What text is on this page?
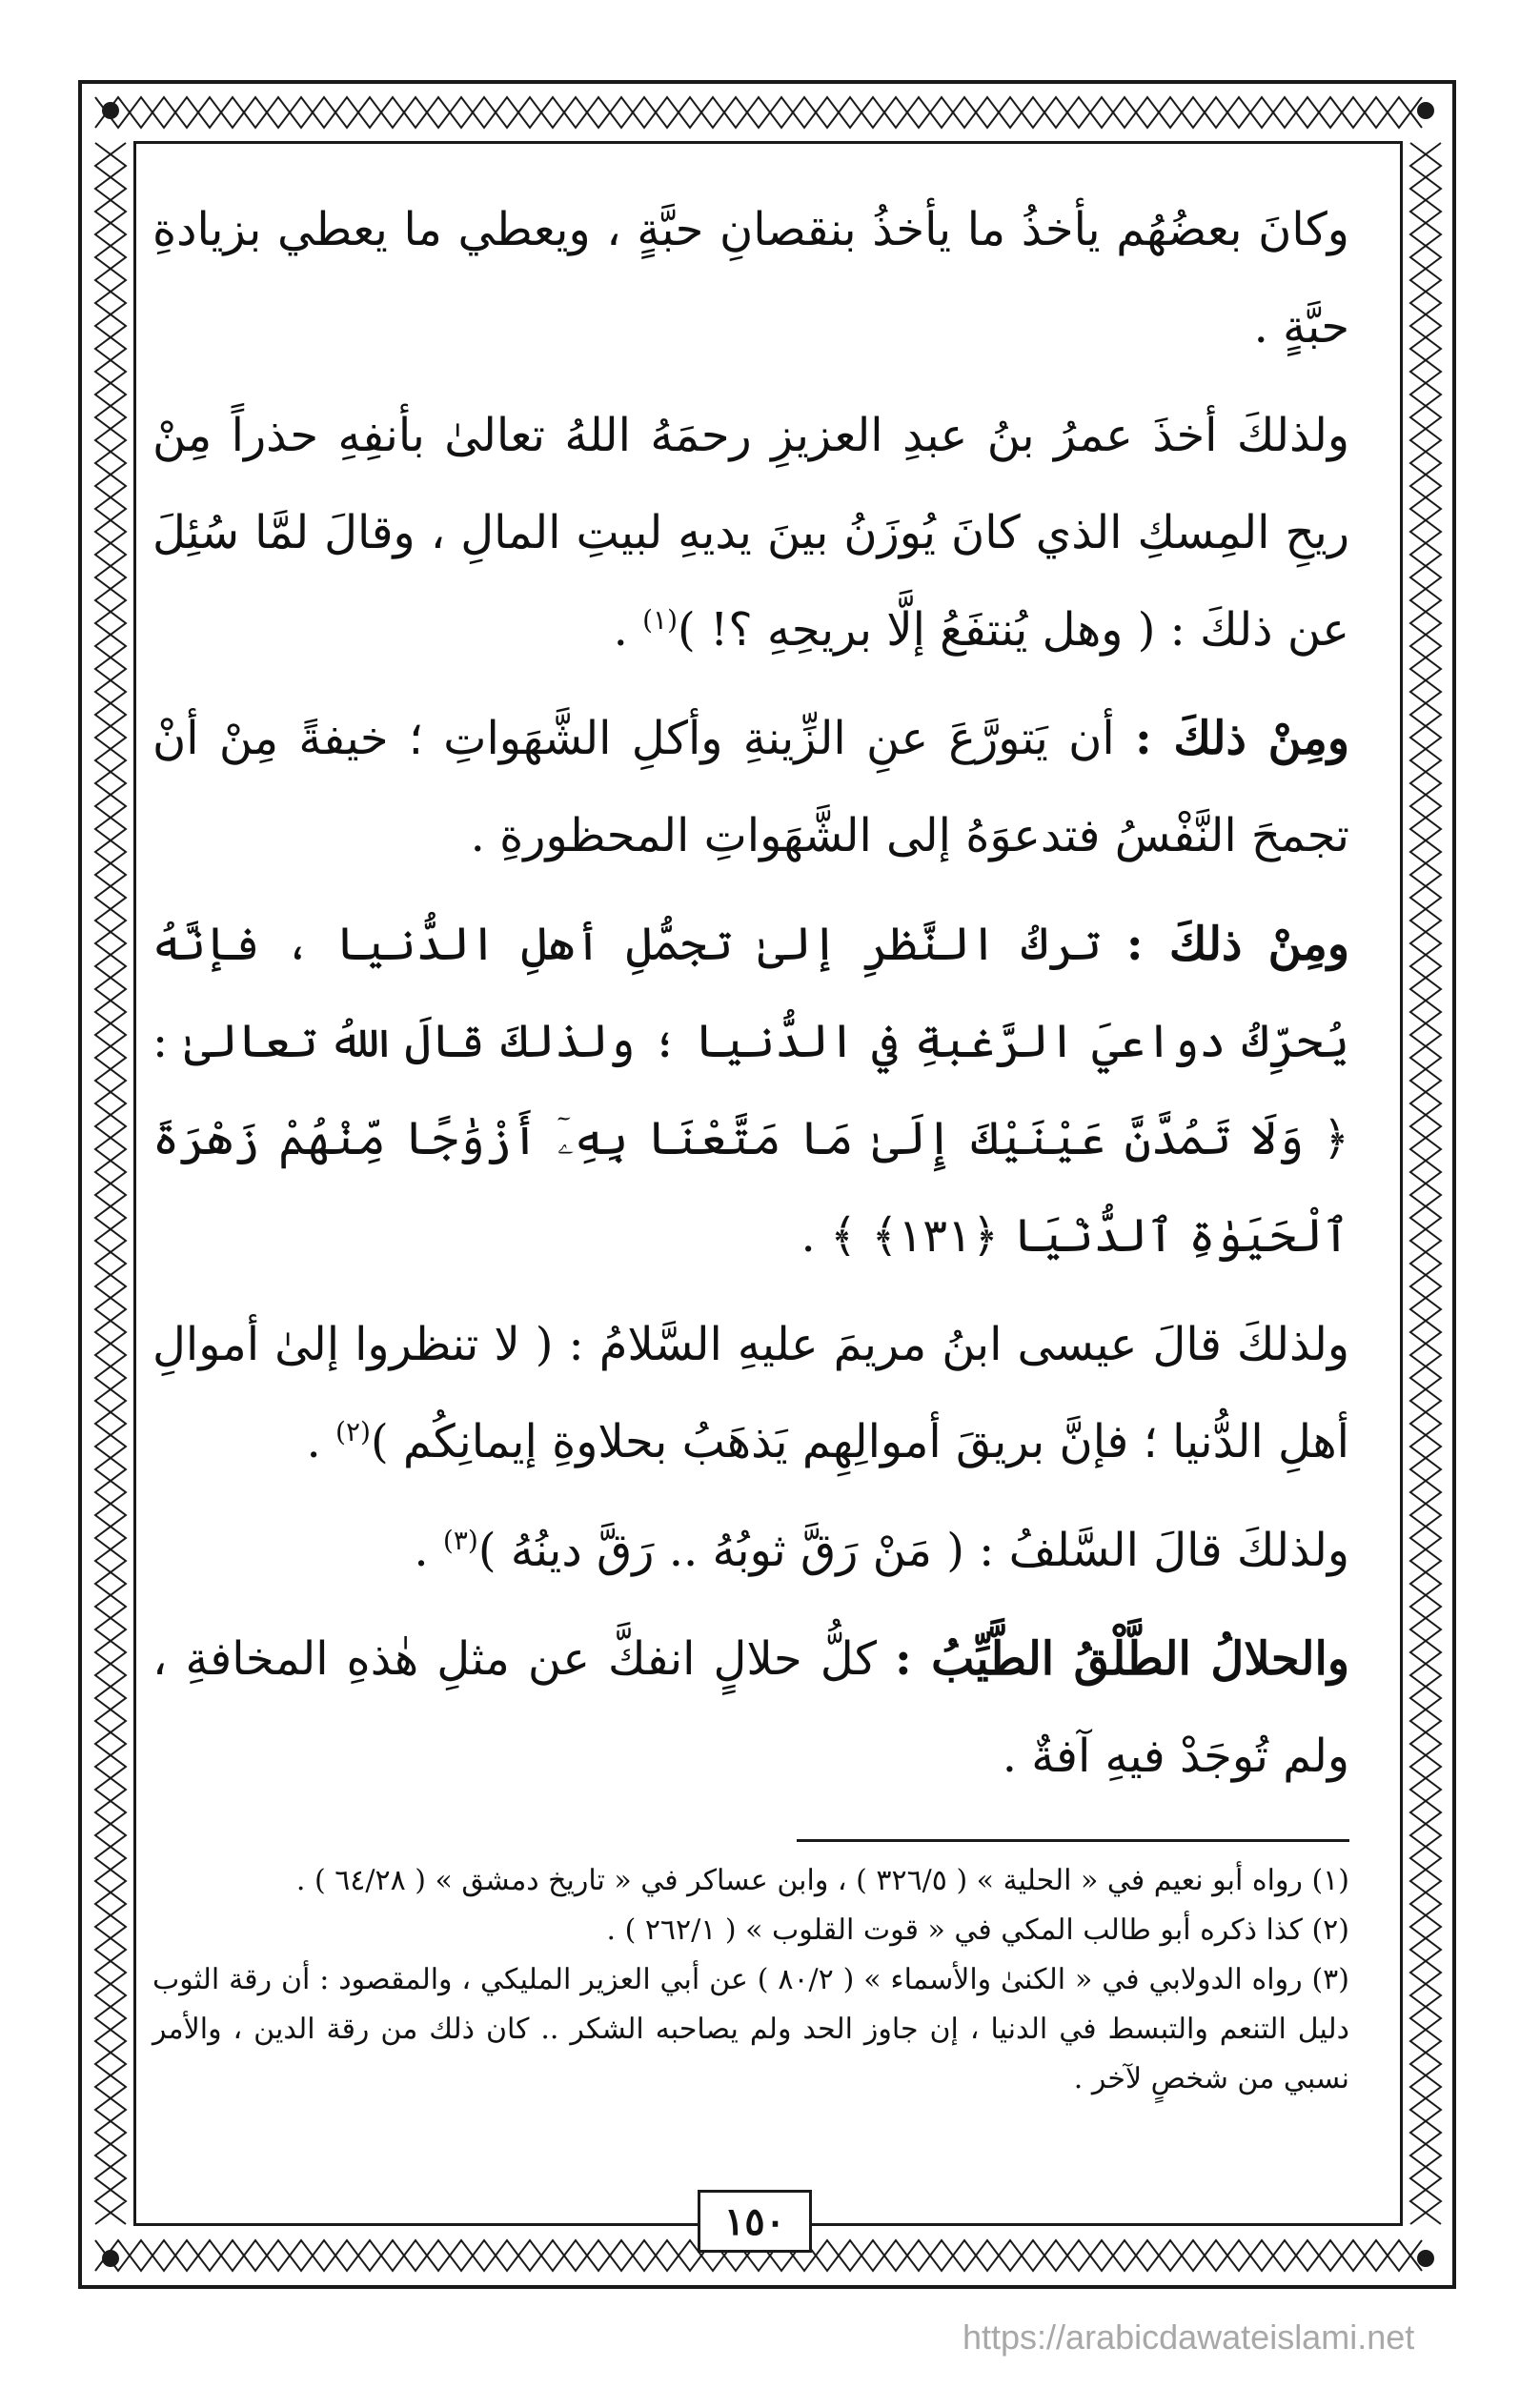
وكانَ بعضُهُم يأخذُ ما يأخذُ بنقصانِ حبَّةٍ ، ويعطي ما يعطي بزيادةِ حبَّةٍ .

ولذلكَ أخذَ عمرُ بنُ عبدِ العزيزِ رحمَهُ اللهُ تعالىٰ بأنفِهِ حذراً مِنْ ريحِ المِسكِ الذي كانَ يُوزَنُ بينَ يديهِ لبيتِ المالِ ، وقالَ لمَّا سُئِلَ عن ذلكَ : ( وهل يُنتفَعُ إلَّا بريحِهِ ؟! )$^{(١)}$ .

ومِنْ ذلكَ : أن يَتورَّعَ عنِ الزِّينةِ وأكلِ الشَّهَواتِ ؛ خيفةً مِنْ أنْ تجمحَ النَّفْسُ فتدعوَهُ إلى الشَّهَواتِ المحظورةِ .

ومِنْ ذلكَ : تركُ النَّظرِ إلىٰ تجمُّلِ أهلِ الدُّنيا ، فإنَّهُ يُحرِّكُ دواعيَ الرَّغبةِ في الدُّنيا ؛ ولذلكَ قالَ اللهُ تعالىٰ : ﴿ وَلَا تَمُدَّنَّ عَيْنَيْكَ إِلَىٰ مَا مَتَّعْنَا بِهِۦٓ أَزْوَٰجًا مِّنْهُمْ زَهْرَةَ ٱلْحَيَوٰةِ ٱلدُّنْيَا ﴿١٣١﴾ ﴾ .

ولذلكَ قالَ عيسى ابنُ مريمَ عليهِ السَّلامُ : ( لا تنظروا إلىٰ أموالِ أهلِ الدُّنيا ؛ فإنَّ بريقَ أموالِهِم يَذهَبُ بحلاوةِ إيمانِكُم )$^{(٢)}$ .

ولذلكَ قالَ السَّلفُ : ( مَنْ رَقَّ ثوبُهُ .. رَقَّ دينُهُ )$^{(٣)}$ .

والحلالُ الطَّلْقُ الطَّيِّبُ : كلُّ حلالٍ انفكَّ عن مثلِ هٰذهِ المخافةِ ، ولم تُوجَدْ فيهِ آفةٌ .

(١) رواه أبو نعيم في « الحلية » ( ٣٢٦/٥ ) ، وابن عساكر في « تاريخ دمشق » ( ٦٤/٢٨ ) .

(٢) كذا ذكره أبو طالب المكي في « قوت القلوب » ( ٢٦٢/١ ) .

(٣) رواه الدولابي في « الكنىٰ والأسماء » ( ٨٠/٢ ) عن أبي العزير المليكي ، والمقصود : أن رقة الثوب دليل التنعم والتبسط في الدنيا ، إن جاوز الحد ولم يصاحبه الشكر .. كان ذلك من رقة الدين ، والأمر نسبي من شخصٍ لآخر .

١٥٠
https://arabicdawateislami.net
